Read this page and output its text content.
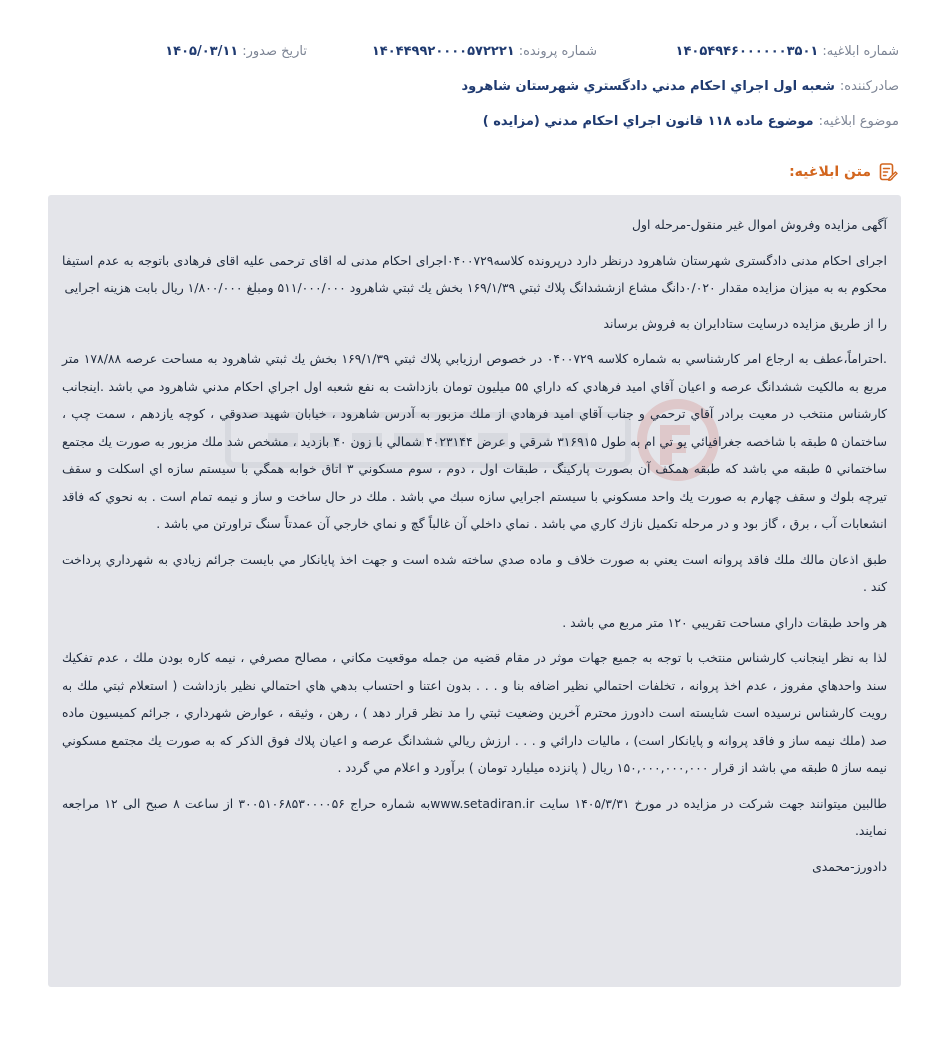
شماره ابلاغیه:
۱۴۰۵۴۹۴۶۰۰۰۰۰۰۳۵۰۱
شماره پرونده:
۱۴۰۴۴۹۹۲۰۰۰۰۵۷۲۲۲۱
تاریخ صدور:
۱۴۰۵/۰۳/۱۱
صادرکننده:
شعبه اول اجراي احكام مدني دادگستري شهرستان شاهرود
موضوع ابلاغیه:
موضوع ماده ۱۱۸ قانون اجراي احكام مدني (مزايده )
متن ابلاغیه:

آگهی مزایده وفروش اموال غیر منقول-مرحله اول

اجرای احکام مدنی دادگستری شهرستان شاهرود درنظر دارد درپرونده کلاسه۰۴۰۰۷۲۹اجرای احکام مدنی له اقای ترحمی علیه اقای فرهادی باتوجه به عدم استیفا محکوم به به میزان مزایده مقدار ۰/۰۲۰دانگ مشاع ازششدانگ پلاك ثبتي ۱۶۹/۱/۳۹ بخش يك ثبتي شاهرود ۵۱۱/۰۰۰/۰۰۰ ومبلغ ۱/۸۰۰/۰۰۰ ریال بابت هزینه اجرایی

را از طریق مزایده درسایت ستادایران به فروش برساند

.احتراماً،عطف به ارجاع امر كارشناسي به شماره كلاسه ۰۴۰۰۷۲۹ در خصوص ارزيابي پلاك ثبتي ۱۶۹/۱/۳۹ بخش يك ثبتي شاهرود به مساحت عرصه ۱۷۸/۸۸ متر مربع به مالكيت ششدانگ عرصه و اعيان آقاي اميد فرهادي كه داراي ۵۵ ميليون تومان بازداشت به نفع شعبه اول اجراي احكام مدني شاهرود مي باشد .اينجانب كارشناس منتخب در معيت برادر آقاي ترحمي و جناب آقاي اميد فرهادي از ملك مزبور به آدرس شاهرود ، خيابان شهيد صدوقي ، كوچه يازدهم ، سمت چپ ، ساختمان ۵ طبقه با شاخصه جغرافيائي يو تي ام به طول ۳۱۶۹۱۵ شرقي و عرض ۴۰۲۳۱۴۴ شمالي با زون ۴۰ بازديد ، مشخص شد ملك مزبور به صورت يك مجتمع ساختماني ۵ طبقه مي باشد كه طبقه همكف آن بصورت پاركينگ ، طبقات اول ، دوم ، سوم مسكوني ۳ اتاق خوابه همگي با سيستم سازه اي اسكلت و سقف تيرچه بلوك و سقف چهارم به صورت يك واحد مسكوني با سيستم اجرايي سازه سبك مي باشد . ملك در حال ساخت و ساز و نيمه تمام است . به نحوي كه فاقد انشعابات آب ، برق ، گاز بود و در مرحله تكميل نازك كاري مي باشد . نماي داخلي آن غالباً گچ و نماي خارجي آن عمدتاً سنگ تراورتن مي باشد .

طبق اذعان مالك ملك فاقد پروانه است يعني به صورت خلاف و ماده صدي ساخته شده است و جهت اخذ پايانكار مي بايست جرائم زيادي به شهرداري پرداخت كند .

هر واحد طبقات داراي مساحت تقريبي ۱۲۰ متر مربع مي باشد .

لذا به نظر اينجانب كارشناس منتخب با توجه به جميع جهات موثر در مقام قضيه من جمله موقعيت مكاني ، مصالح مصرفي ، نيمه كاره بودن ملك ، عدم تفكيك سند واحدهاي مفروز ، عدم اخذ پروانه ، تخلفات احتمالي نظير اضافه بنا و . . . بدون اعتنا و احتساب بدهي هاي احتمالي نظير بازداشت ( استعلام ثبتي ملك به رويت كارشناس نرسيده است شايسته است دادورز محترم آخرين وضعيت ثبتي را مد نظر قرار دهد ) ، رهن ، وثيقه ، عوارض شهرداري ، جرائم كميسيون ماده صد (ملك نيمه ساز و فاقد پروانه و پايانكار است) ، ماليات دارائي و . . . ارزش ريالي ششدانگ عرصه و اعيان پلاك فوق الذكر كه به صورت يك مجتمع مسكوني نيمه ساز ۵ طبقه مي باشد از قرار ۱۵۰,۰۰۰,۰۰۰,۰۰۰ ريال ( پانزده ميليارد تومان ) برآورد و اعلام مي گردد .

طالبین میتوانند جهت شرکت در مزایده در مورخ ۱۴۰۵/۳/۳۱ سایت www.setadiran.irبه شماره حراج ۳۰۰۵۱۰۶۸۵۳۰۰۰۰۵۶ از ساعت ۸ صبح الی ۱۲ مراجعه نمایند.

دادورز-محمدی
